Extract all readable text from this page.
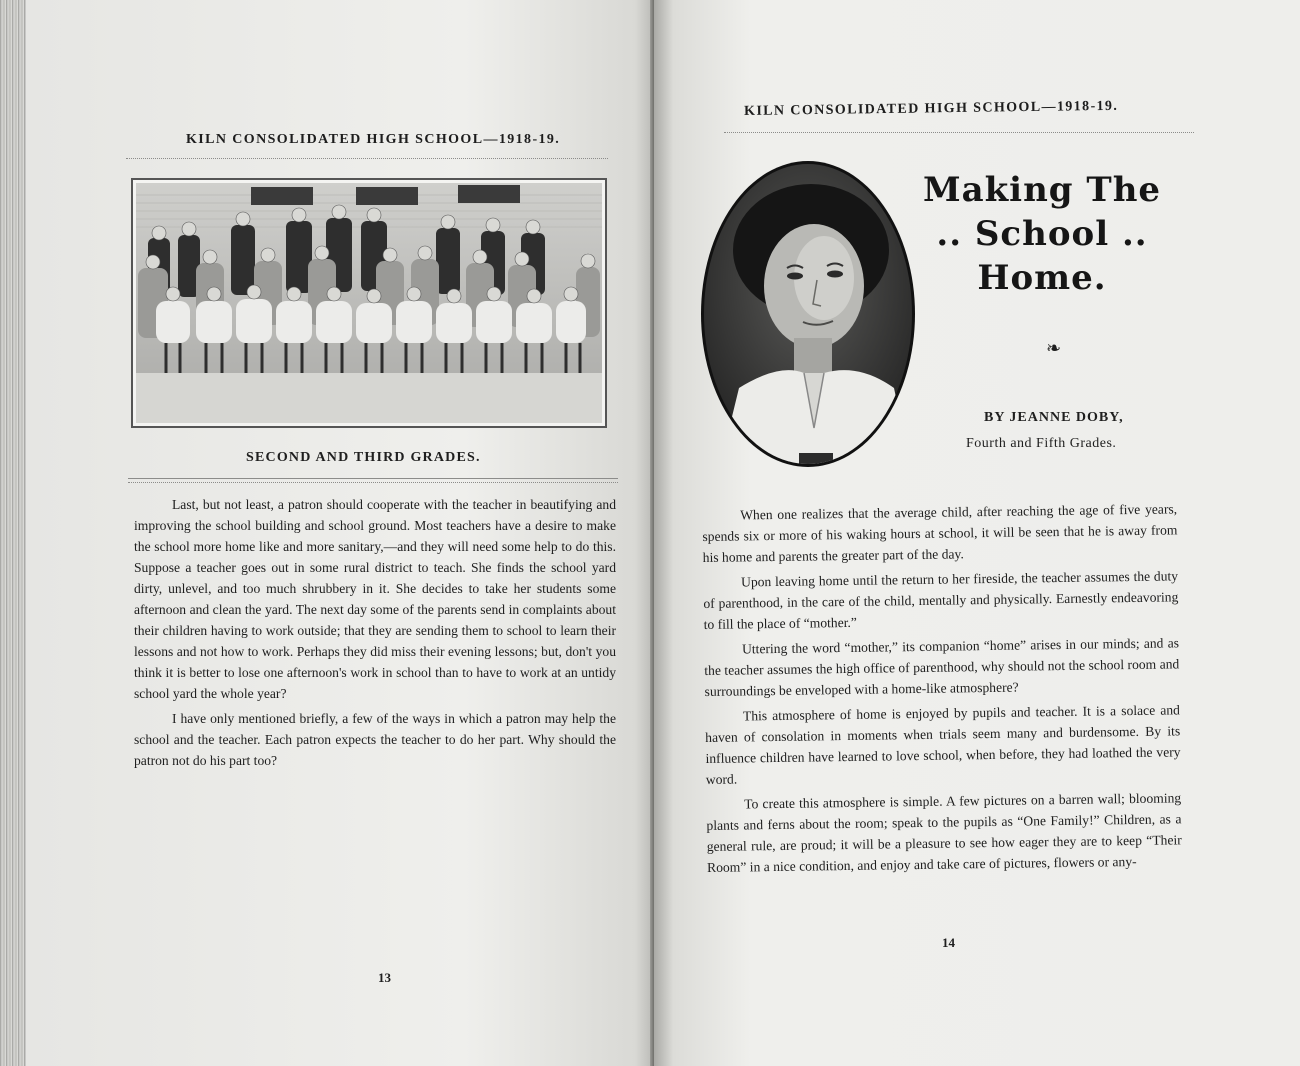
KILN CONSOLIDATED HIGH SCHOOL—1918-19.
SECOND AND THIRD GRADES.

Last, but not least, a patron should cooperate with the teacher in beautifying and improving the school building and school ground. Most teachers have a desire to make the school more home like and more sanitary,—and they will need some help to do this. Suppose a teacher goes out in some rural district to teach. She finds the school yard dirty, unlevel, and too much shrubbery in it. She decides to take her students some afternoon and clean the yard. The next day some of the parents send in complaints about their children having to work outside; that they are sending them to school to learn their lessons and not how to work. Perhaps they did miss their evening lessons; but, don't you think it is better to lose one afternoon's work in school than to have to work at an untidy school yard the whole year?

I have only mentioned briefly, a few of the ways in which a patron may help the school and the teacher. Each patron expects the teacher to do her part. Why should the patron not do his part too?

13
KILN CONSOLIDATED HIGH SCHOOL—1918-19.
Making The
.. School ..
Home.
❧
BY JEANNE DOBY,
Fourth and Fifth Grades.

When one realizes that the average child, after reaching the age of five years, spends six or more of his waking hours at school, it will be seen that he is away from his home and parents the greater part of the day.

Upon leaving home until the return to her fireside, the teacher assumes the duty of parenthood, in the care of the child, mentally and physically. Earnestly endeavoring to fill the place of “mother.”

Uttering the word “mother,” its companion “home” arises in our minds; and as the teacher assumes the high office of parenthood, why should not the school room and surroundings be enveloped with a home-like atmosphere?

This atmosphere of home is enjoyed by pupils and teacher. It is a solace and haven of consolation in moments when trials seem many and burdensome. By its influence children have learned to love school, when before, they had loathed the very word.

To create this atmosphere is simple. A few pictures on a barren wall; blooming plants and ferns about the room; speak to the pupils as “One Family!” Children, as a general rule, are proud; it will be a pleasure to see how eager they are to keep “Their Room” in a nice condition, and enjoy and take care of pictures, flowers or any-

14
